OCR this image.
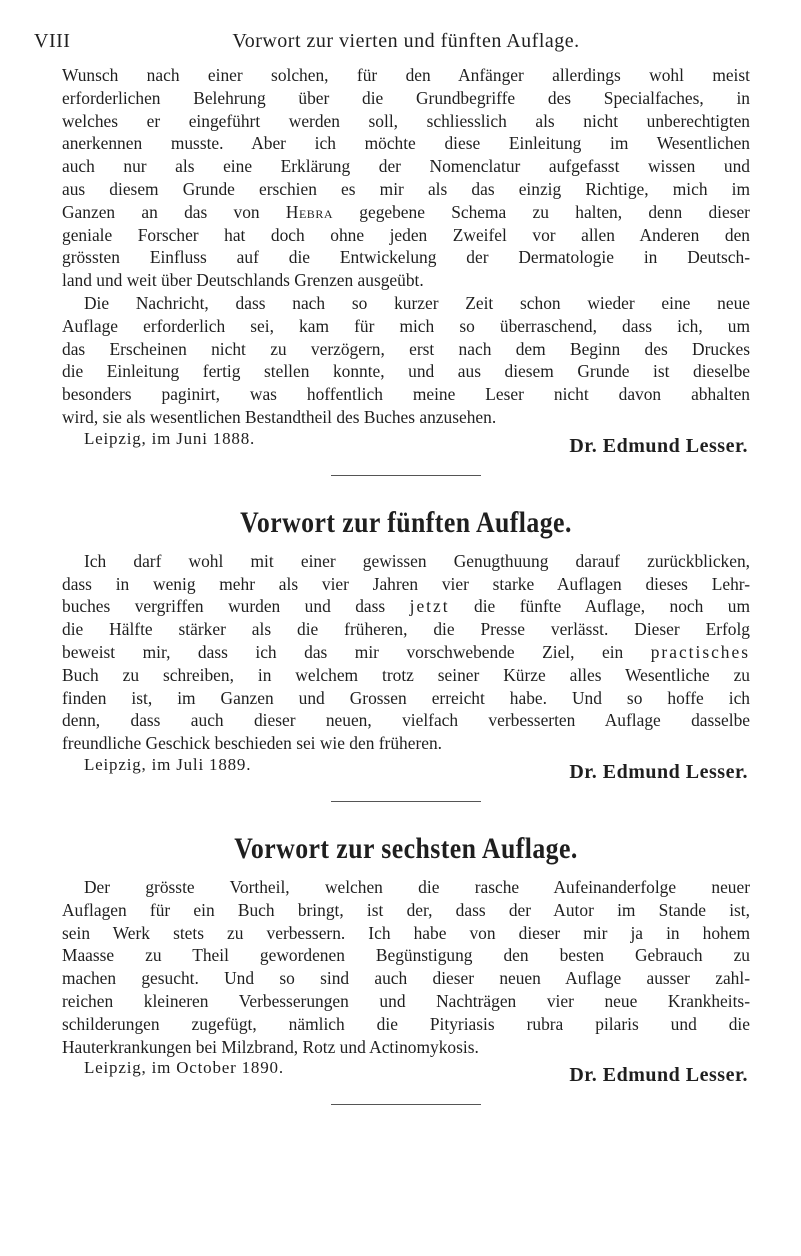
VIII	Vorwort zur vierten und fünften Auflage.
Wunsch nach einer solchen, für den Anfänger allerdings wohl meist
erforderlichen Belehrung über die Grundbegriffe des Specialfaches, in
welches er eingeführt werden soll, schliesslich als nicht unberechtigten
anerkennen musste. Aber ich möchte diese Einleitung im Wesentlichen
auch nur als eine Erklärung der Nomenclatur aufgefasst wissen und
aus diesem Grunde erschien es mir als das einzig Richtige, mich im
Ganzen an das von Hebra gegebene Schema zu halten, denn dieser
geniale Forscher hat doch ohne jeden Zweifel vor allen Anderen den
grössten Einfluss auf die Entwickelung der Dermatologie in Deutsch-
land und weit über Deutschlands Grenzen ausgeübt.
Die Nachricht, dass nach so kurzer Zeit schon wieder eine neue
Auflage erforderlich sei, kam für mich so überraschend, dass ich, um
das Erscheinen nicht zu verzögern, erst nach dem Beginn des Druckes
die Einleitung fertig stellen konnte, und aus diesem Grunde ist dieselbe
besonders paginirt, was hoffentlich meine Leser nicht davon abhalten
wird, sie als wesentlichen Bestandtheil des Buches anzusehen.
Leipzig, im Juni 1888.	Dr. Edmund Lesser.
Vorwort zur fünften Auflage.
Ich darf wohl mit einer gewissen Genugthuung darauf zurückblicken,
dass in wenig mehr als vier Jahren vier starke Auflagen dieses Lehr-
buches vergriffen wurden und dass jetzt die fünfte Auflage, noch um
die Hälfte stärker als die früheren, die Presse verlässt. Dieser Erfolg
beweist mir, dass ich das mir vorschwebende Ziel, ein practisches
Buch zu schreiben, in welchem trotz seiner Kürze alles Wesentliche zu
finden ist, im Ganzen und Grossen erreicht habe. Und so hoffe ich
denn, dass auch dieser neuen, vielfach verbesserten Auflage dasselbe
freundliche Geschick beschieden sei wie den früheren.
Leipzig, im Juli 1889.	Dr. Edmund Lesser.
Vorwort zur sechsten Auflage.
Der grösste Vortheil, welchen die rasche Aufeinanderfolge neuer
Auflagen für ein Buch bringt, ist der, dass der Autor im Stande ist,
sein Werk stets zu verbessern. Ich habe von dieser mir ja in hohem
Maasse zu Theil gewordenen Begünstigung den besten Gebrauch zu
machen gesucht. Und so sind auch dieser neuen Auflage ausser zahl-
reichen kleineren Verbesserungen und Nachträgen vier neue Krankheits-
schilderungen zugefügt, nämlich die Pityriasis rubra pilaris und die
Hauterkrankungen bei Milzbrand, Rotz und Actinomykosis.
Leipzig, im October 1890.	Dr. Edmund Lesser.
